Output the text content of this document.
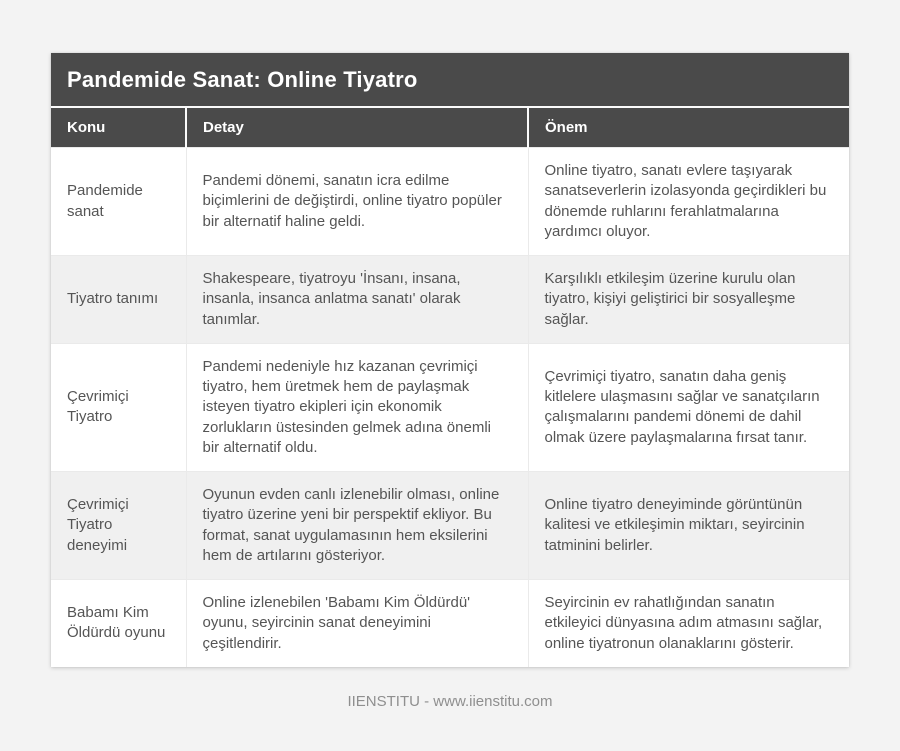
Pandemide Sanat: Online Tiyatro
Konu	Detay	Önem
Pandemide sanat	Pandemi dönemi, sanatın icra edilme biçimlerini de değiştirdi, online tiyatro popüler bir alternatif haline geldi.	Online tiyatro, sanatı evlere taşıyarak sanatseverlerin izolasyonda geçirdikleri bu dönemde ruhlarını ferahlatmalarına yardımcı oluyor.
Tiyatro tanımı	Shakespeare, tiyatroyu 'İnsanı, insana, insanla, insanca anlatma sanatı' olarak tanımlar.	Karşılıklı etkileşim üzerine kurulu olan tiyatro, kişiyi geliştirici bir sosyalleşme sağlar.
Çevrimiçi Tiyatro	Pandemi nedeniyle hız kazanan çevrimiçi tiyatro, hem üretmek hem de paylaşmak isteyen tiyatro ekipleri için ekonomik zorlukların üstesinden gelmek adına önemli bir alternatif oldu.	Çevrimiçi tiyatro, sanatın daha geniş kitlelere ulaşmasını sağlar ve sanatçıların çalışmalarını pandemi dönemi de dahil olmak üzere paylaşmalarına fırsat tanır.
Çevrimiçi Tiyatro deneyimi	Oyunun evden canlı izlenebilir olması, online tiyatro üzerine yeni bir perspektif ekliyor. Bu format, sanat uygulamasının hem eksilerini hem de artılarını gösteriyor.	Online tiyatro deneyiminde görüntünün kalitesi ve etkileşimin miktarı, seyircinin tatminini belirler.
Babamı Kim Öldürdü oyunu	Online izlenebilen 'Babamı Kim Öldürdü' oyunu, seyircinin sanat deneyimini çeşitlendirir.	Seyircinin ev rahatlığından sanatın etkileyici dünyasına adım atmasını sağlar, online tiyatronun olanaklarını gösterir.
IIENSTITU - www.iienstitu.com
